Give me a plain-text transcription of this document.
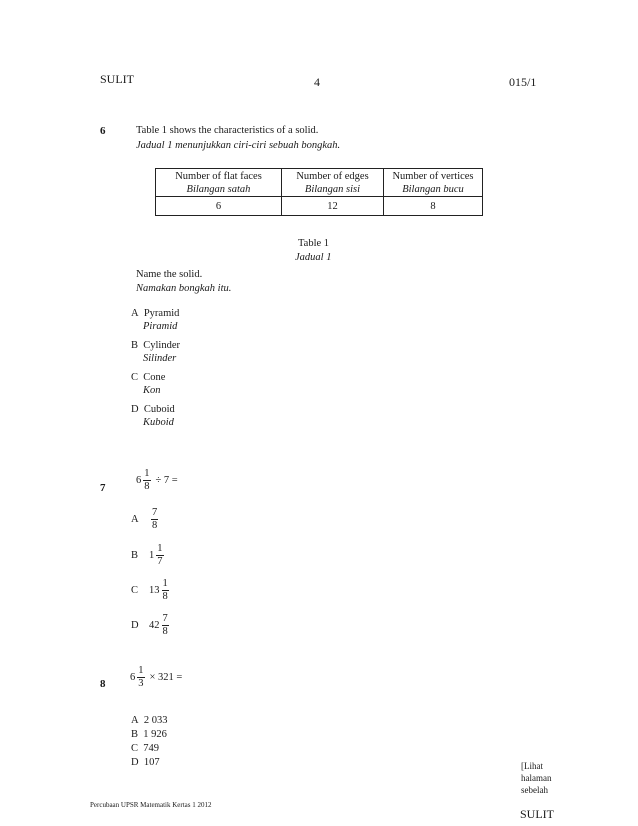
SULIT	4	015/1
6	Table 1 shows the characteristics of a solid.
Jadual 1 menunjukkan ciri-ciri sebuah bongkah.
Number of flat faces	Number of edges	Number of vertices
Bilangan satah	Bilangan sisi	Bilangan bucu
6	12	8
Table 1
Jadual 1
Name the solid.
Namakan bongkah itu.
A Pyramid
Piramid
B Cylinder
Silinder
C Cone
Kon
D Cuboid
Kuboid
7
$6 \frac{1}{8} \div 7$ =
A	$\frac{7}{8}$
B	$1 \frac{1}{7}$
C	$13 \frac{1}{8}$
D $42 \frac{7}{8}$
8
$6 \frac{1}{3} \times 321$ =
A 2 033
B 1 926
C 749
D 107
Percubaan UPSR Matematik Kertas 1 2012
[Lihat
halaman
sebelah
SULIT
